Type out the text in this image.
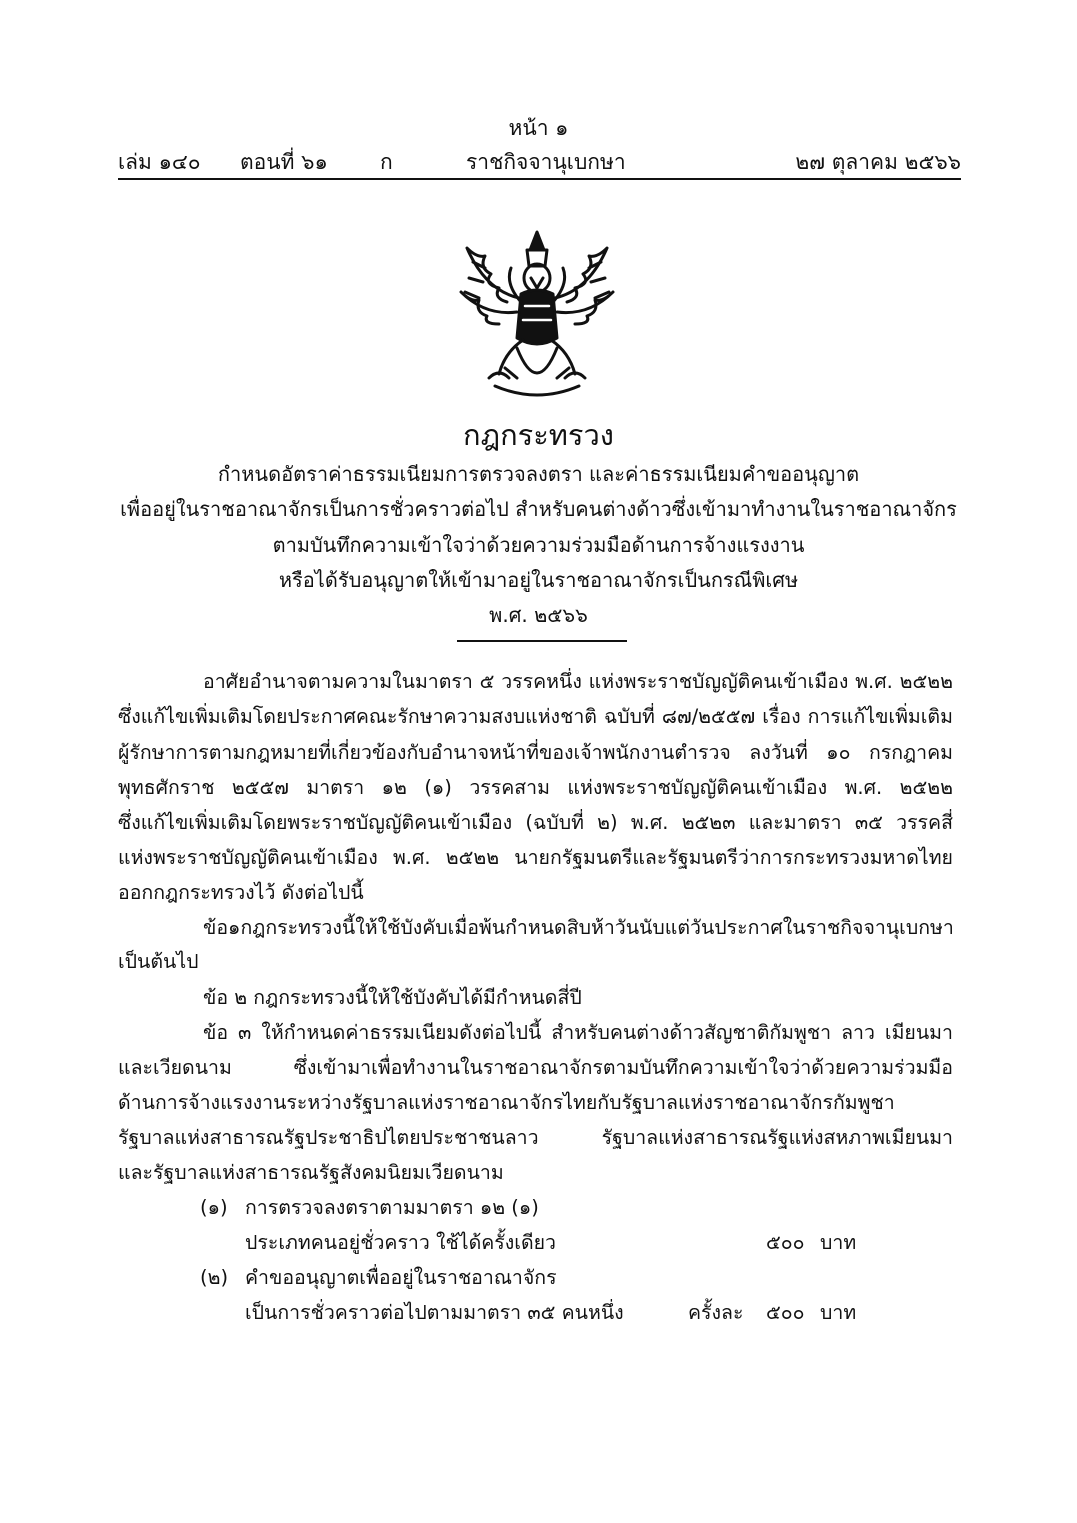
หน้า ๑
เล่ม ๑๔๐ ตอนที่ ๖๑ ก	ราชกิจจานุเบกษา	๒๗ ตุลาคม ๒๕๖๖
กฎกระทรวง
กำหนดอัตราค่าธรรมเนียมการตรวจลงตรา และค่าธรรมเนียมคำขออนุญาต
เพื่ออยู่ในราชอาณาจักรเป็นการชั่วคราวต่อไป สำหรับคนต่างด้าวซึ่งเข้ามาทำงานในราชอาณาจักร
ตามบันทึกความเข้าใจว่าด้วยความร่วมมือด้านการจ้างแรงงาน
หรือได้รับอนุญาตให้เข้ามาอยู่ในราชอาณาจักรเป็นกรณีพิเศษ
พ.ศ. ๒๕๖๖
อาศัยอำนาจตามความในมาตรา ๕ วรรคหนึ่ง แห่งพระราชบัญญัติคนเข้าเมือง พ.ศ. ๒๕๒๒
ซึ่งแก้ไขเพิ่มเติมโดยประกาศคณะรักษาความสงบแห่งชาติ ฉบับที่ ๘๗/๒๕๕๗ เรื่อง การแก้ไขเพิ่มเติม
ผู้รักษาการตามกฎหมายที่เกี่ยวข้องกับอำนาจหน้าที่ของเจ้าพนักงานตำรวจ ลงวันที่ ๑๐ กรกฎาคม
พุทธศักราช ๒๕๕๗ มาตรา ๑๒ (๑) วรรคสาม แห่งพระราชบัญญัติคนเข้าเมือง พ.ศ. ๒๕๒๒
ซึ่งแก้ไขเพิ่มเติมโดยพระราชบัญญัติคนเข้าเมือง (ฉบับที่ ๒) พ.ศ. ๒๕๒๓ และมาตรา ๓๕ วรรคสี่
แห่งพระราชบัญญัติคนเข้าเมือง พ.ศ. ๒๕๒๒ นายกรัฐมนตรีและรัฐมนตรีว่าการกระทรวงมหาดไทย
ออกกฎกระทรวงไว้ ดังต่อไปนี้
ข้อ ๑ กฎกระทรวงนี้ให้ใช้บังคับเมื่อพ้นกำหนดสิบห้าวันนับแต่วันประกาศในราชกิจจานุเบกษา
เป็นต้นไป
ข้อ ๒ กฎกระทรวงนี้ให้ใช้บังคับได้มีกำหนดสี่ปี
ข้อ ๓ ให้กำหนดค่าธรรมเนียมดังต่อไปนี้ สำหรับคนต่างด้าวสัญชาติกัมพูชา ลาว เมียนมา
และเวียดนาม	ซึ่งเข้ามาเพื่อทำงานในราชอาณาจักรตามบันทึกความเข้าใจว่าด้วยความร่วมมือ
ด้านการจ้างแรงงานระหว่างรัฐบาลแห่งราชอาณาจักรไทยกับรัฐบาลแห่งราชอาณาจักรกัมพูชา
รัฐบาลแห่งสาธารณรัฐประชาธิปไตยประชาชนลาว	รัฐบาลแห่งสาธารณรัฐแห่งสหภาพเมียนมา
และรัฐบาลแห่งสาธารณรัฐสังคมนิยมเวียดนาม
(๑) การตรวจลงตราตามมาตรา ๑๒ (๑)
ประเภทคนอยู่ชั่วคราว ใช้ได้ครั้งเดียว	๕๐๐ บาท
(๒) คำขออนุญาตเพื่ออยู่ในราชอาณาจักร
เป็นการชั่วคราวต่อไปตามมาตรา ๓๕ คนหนึ่ง	ครั้งละ ๕๐๐ บาท
